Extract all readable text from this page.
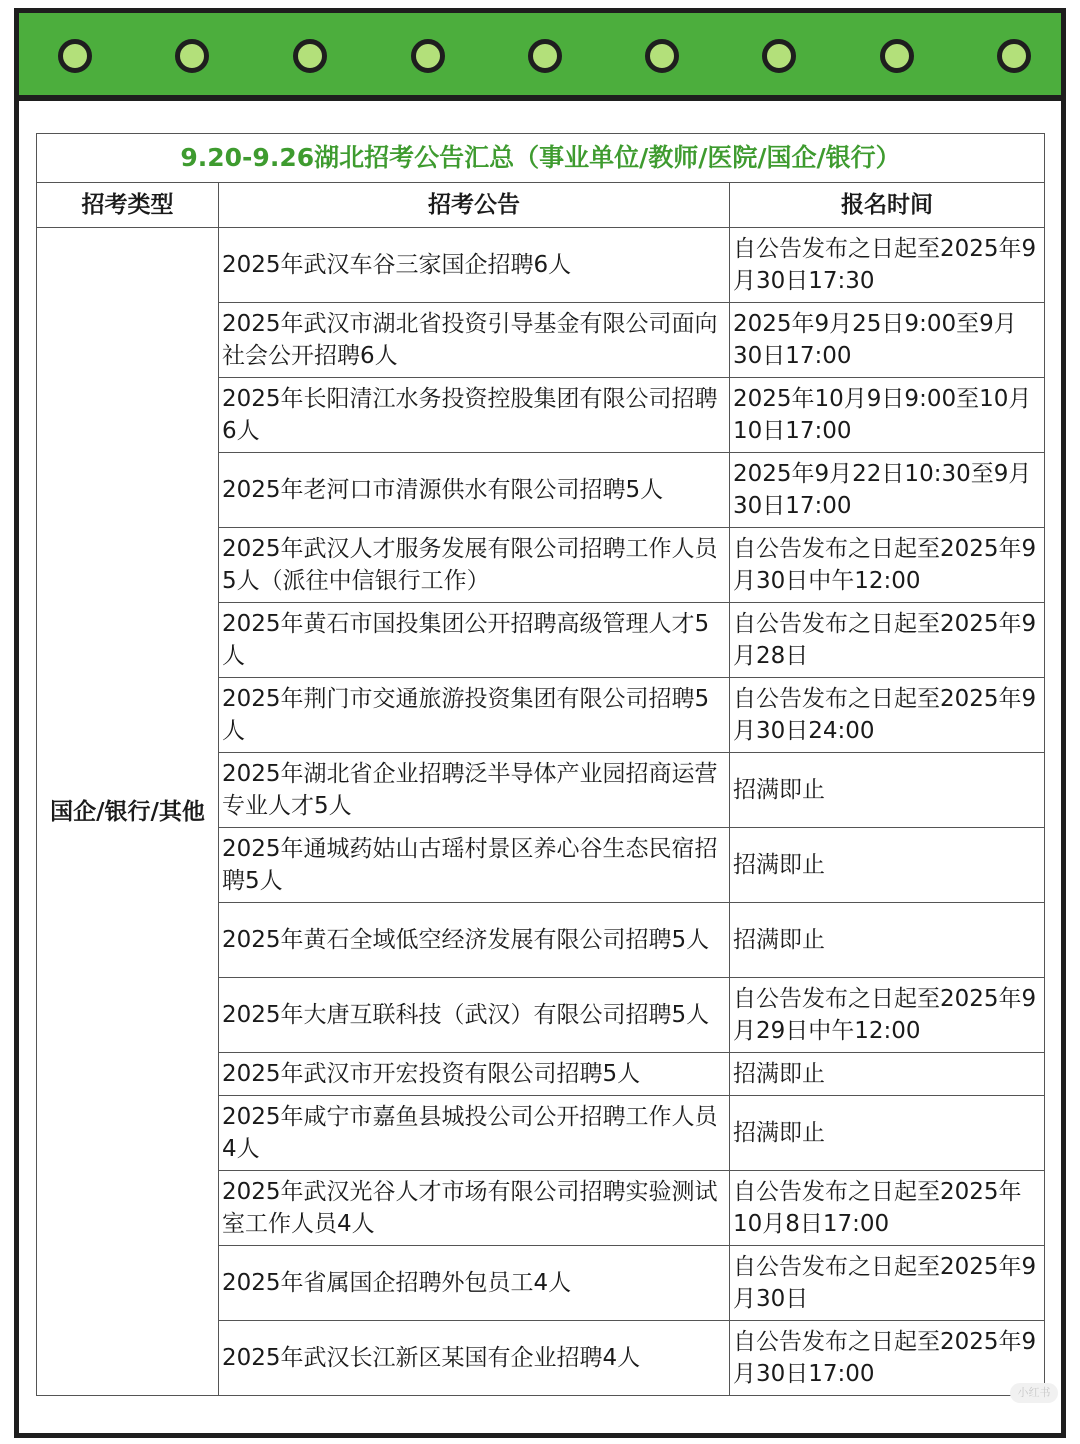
9.20-9.26湖北招考公告汇总（事业单位/教师/医院/国企/银行）		
招考类型	招考公告	报名时间
国企/银行/其他	2025年武汉车谷三家国企招聘6人	自公告发布之日起至2025年9月30日17:30
	2025年武汉市湖北省投资引导基金有限公司面向社会公开招聘6人	2025年9月25日9:00至9月30日17:00
	2025年长阳清江水务投资控股集团有限公司招聘6人	2025年10月9日9:00至10月10日17:00
	2025年老河口市清源供水有限公司招聘5人	2025年9月22日10:30至9月30日17:00
	2025年武汉人才服务发展有限公司招聘工作人员5人（派往中信银行工作）	自公告发布之日起至2025年9月30日中午12:00
	2025年黄石市国投集团公开招聘高级管理人才5人	自公告发布之日起至2025年9月28日
	2025年荆门市交通旅游投资集团有限公司招聘5人	自公告发布之日起至2025年9月30日24:00
	2025年湖北省企业招聘泛半导体产业园招商运营专业人才5人	招满即止
	2025年通城药姑山古瑶村景区养心谷生态民宿招聘5人	招满即止
	2025年黄石全域低空经济发展有限公司招聘5人	招满即止
	2025年大唐互联科技（武汉）有限公司招聘5人	自公告发布之日起至2025年9月29日中午12:00
	2025年武汉市开宏投资有限公司招聘5人	招满即止
	2025年咸宁市嘉鱼县城投公司公开招聘工作人员4人	招满即止
	2025年武汉光谷人才市场有限公司招聘实验测试室工作人员4人	自公告发布之日起至2025年10月8日17:00
	2025年省属国企招聘外包员工4人	自公告发布之日起至2025年9月30日
	2025年武汉长江新区某国有企业招聘4人	自公告发布之日起至2025年9月30日17:00
小红书
